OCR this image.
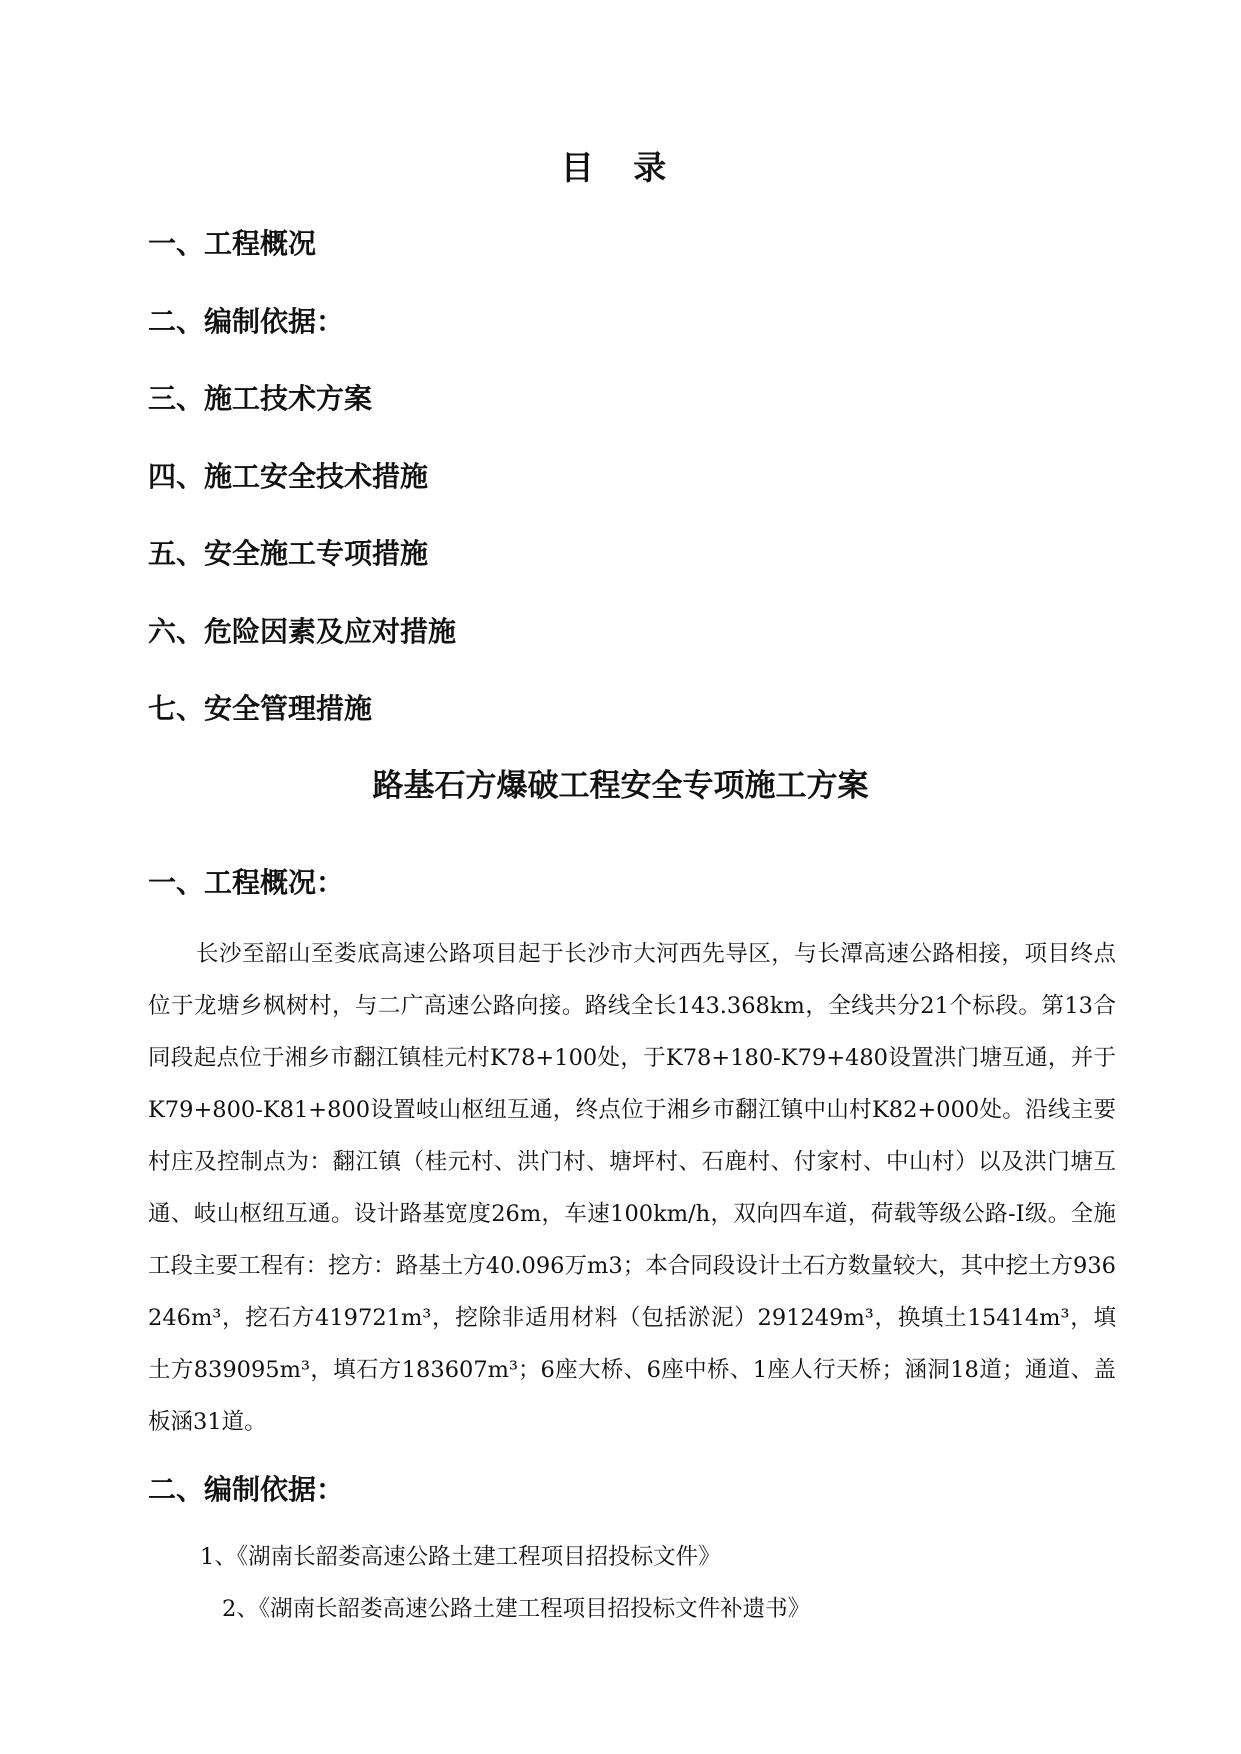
目 录
一、工程概况
二、编制依据：
三、施工技术方案
四、施工安全技术措施
五、安全施工专项措施
六、危险因素及应对措施
七、安全管理措施
路基石方爆破工程安全专项施工方案
一、工程概况：

长沙至韶山至娄底高速公路项目起于长沙市大河西先导区，与长潭高速公路相接，项目终点位于龙塘乡枫树村，与二广高速公路向接。路线全长143.368km，全线共分21个标段。第13合同段起点位于湘乡市翻江镇桂元村K78+100处，于K78+180-K79+480设置洪门塘互通，并于K79+800-K81+800设置岐山枢纽互通，终点位于湘乡市翻江镇中山村K82+000处。沿线主要村庄及控制点为：翻江镇（桂元村、洪门村、塘坪村、石鹿村、付家村、中山村）以及洪门塘互通、岐山枢纽互通。设计路基宽度26m，车速100km/h，双向四车道，荷载等级公路-I级。全施工段主要工程有：挖方：路基土方40.096万m3；本合同段设计土石方数量较大，其中挖土方936246m³，挖石方419721m³，挖除非适用材料（包括淤泥）291249m³，换填土15414m³，填土方839095m³，填石方183607m³；6座大桥、6座中桥、1座人行天桥；涵洞18道；通道、盖板涵31道。

二、编制依据：
1、《湖南长韶娄高速公路土建工程项目招投标文件》
2、《湖南长韶娄高速公路土建工程项目招投标文件补遗书》
